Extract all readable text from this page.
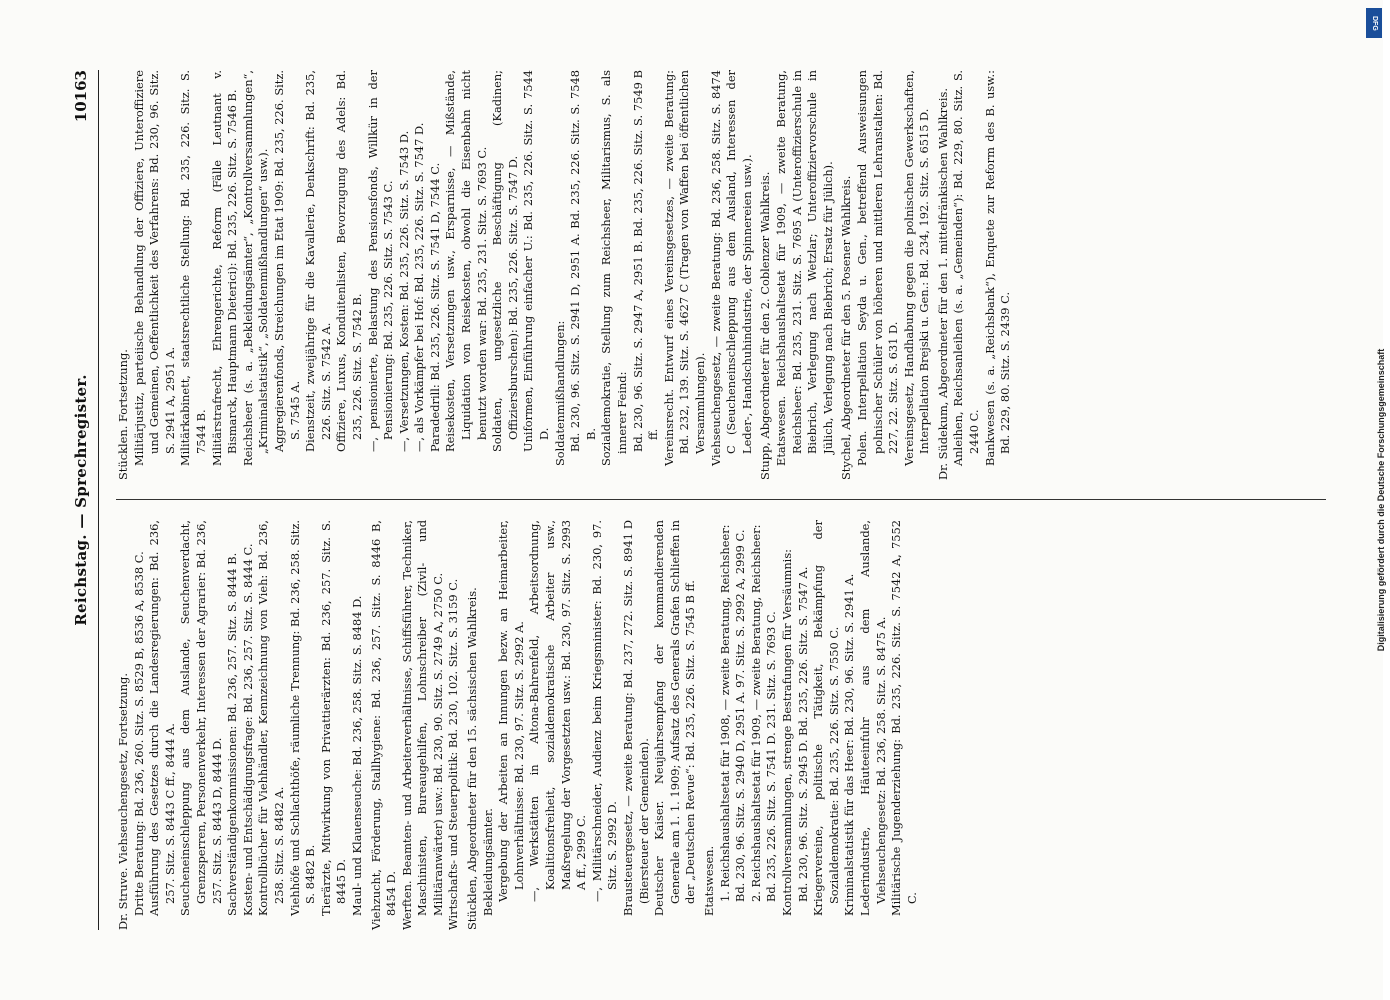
Reichstag. — Sprechregister.
10163

Dr. Struve. Viehseuchengesetz, Fortsetzung. Dritte Beratung: Bd. 236, 260. Sitz. S. 8529 B, 8536 A, 8538 C. Ausführung des Gesetzes durch die Landesregierungen: Bd. 236, 257. Sitz. S. 8443 C ff., 8444 A. Seucheneinschleppung aus dem Auslande, Seuchenverdacht, Grenzsperren, Personenverkehr, Interessen der Agrarier: Bd. 236, 257. Sitz. S. 8443 D, 8444 D. Sachverständigenkommissionen: Bd. 236, 257. Sitz. S. 8444 B. Kosten- und Entschädigungsfrage: Bd. 236, 257. Sitz. S. 8444 C. Kontrollbücher für Viehhändler, Kennzeichnung von Vieh: Bd. 236, 258. Sitz. S. 8482 A. Viehhöfe und Schlachthöfe, räumliche Trennung: Bd. 236, 258. Sitz. S. 8482 B. Tierärzte, Mitwirkung von Privattierärzten: Bd. 236, 257. Sitz. S. 8445 D. Maul- und Klauenseuche: Bd. 236, 258. Sitz. S. 8484 D. Viehzucht, Förderung, Stallhygiene: Bd. 236, 257. Sitz. S. 8446 B, 8454 D. Werften. Beamten- und Arbeiterverhältnisse, Schiffsführer, Techniker, Maschinisten, Bureaugehilfen, Lohnschreiber (Zivil- und Militäranwärter) usw.: Bd. 230, 90. Sitz. S. 2749 A, 2750 C. Wirtschafts- und Steuerpolitik: Bd. 230, 102. Sitz. S. 3159 C. Stücklen, Abgeordneter für den 15. sächsischen Wahlkreis. Bekleidungsämter. Vergebung der Arbeiten an Innungen bezw. an Heimarbeiter, Lohnverhältnisse: Bd. 230, 97. Sitz. S. 2992 A. —, Werkstätten in Altona-Bahrenfeld, Arbeitsordnung, Koalitionsfreiheit, sozialdemokratische Arbeiter usw., Maßregelung der Vorgesetzten usw.: Bd. 230, 97. Sitz. S. 2993 A ff., 2999 C. —, Militärschneider, Audienz beim Kriegsminister: Bd. 230, 97. Sitz. S. 2992 D. Brausteuergesetz, — zweite Beratung: Bd. 237, 272. Sitz. S. 8941 D (Biersteuer der Gemeinden). Deutscher Kaiser. Neujahrsempfang der kommandierenden Generale am 1. 1. 1909; Aufsatz des Generals Grafen Schlieffen in der „Deutschen Revue“: Bd. 235, 226. Sitz. S. 7545 B ff. Etatswesen. 1. Reichshaushaltsetat für 1908, — zweite Beratung, Reichsheer: Bd. 230, 96. Sitz. S. 2940 D, 2951 A. 97. Sitz. S. 2992 A, 2999 C. 2. Reichshaushaltsetat für 1909, — zweite Beratung, Reichsheer: Bd. 235, 226. Sitz. S. 7541 D. 231. Sitz. S. 7693 C. Kontrollversammlungen, strenge Bestrafungen für Versäumnis: Bd. 230, 96. Sitz. S. 2945 D. Bd. 235, 226. Sitz. S. 7547 A. Kriegervereine, politische Tätigkeit, Bekämpfung der Sozialdemokratie: Bd. 235, 226. Sitz. S. 7550 C. Kriminalstatistik für das Heer: Bd. 230, 96. Sitz. S. 2941 A. Lederindustrie, Häuteeinfuhr aus dem Auslande, Viehseuchengesetz: Bd. 236, 258. Sitz. S. 8475 A. Militärische Jugenderziehung: Bd. 235, 226. Sitz. S. 7542 A, 7552 C.

Stücklen. Fortsetzung. Militärjustiz, parteiische Behandlung der Offiziere, Unteroffiziere und Gemeinen, Oeffentlichkeit des Verfahrens: Bd. 230, 96. Sitz. S. 2941 A, 2951 A. Militärkabinett, staatsrechtliche Stellung: Bd. 235, 226. Sitz. S. 7544 B. Militärstrafrecht, Ehrengerichte, Reform (Fälle Leutnant v. Bismarck, Hauptmann Dieterici): Bd. 235, 226. Sitz. S. 7546 B. Reichsheer (s. a. „Bekleidungsämter“, „Kontrollversammlungen“, „Kriminalstatistik“, „Soldatenmißhandlungen“ usw.). Aggregierenfonds, Streichungen im Etat 1909: Bd. 235, 226. Sitz. S. 7545 A. Dienstzeit, zweijährige für die Kavallerie, Denkschrift: Bd. 235, 226. Sitz. S. 7542 A. Offiziere, Luxus, Konduitenlisten, Bevorzugung des Adels: Bd. 235, 226. Sitz. S. 7542 B. —, pensionierte, Belastung des Pensionsfonds, Willkür in der Pensionierung: Bd. 235, 226. Sitz. S. 7543 C. —, Versetzungen, Kosten: Bd. 235, 226. Sitz. S. 7543 D. —, als Vorkämpfer bei Hof: Bd. 235, 226. Sitz. S. 7547 D. Paradedrill: Bd. 235, 226. Sitz. S. 7541 D, 7544 C. Reisekosten, Versetzungen usw., Ersparnisse, — Mißstände, Liquidation von Reisekosten, obwohl die Eisenbahn nicht benutzt worden war: Bd. 235, 231. Sitz. S. 7693 C. Soldaten, ungesetzliche Beschäftigung (Kadinen; Offiziersburschen): Bd. 235, 226. Sitz. S. 7547 D. Uniformen, Einführung einfacher U.: Bd. 235, 226. Sitz. S. 7544 D. Soldatenmißhandlungen: Bd. 230, 96. Sitz. S. 2941 D, 2951 A. Bd. 235, 226. Sitz. S. 7548 B. Sozialdemokratie, Stellung zum Reichsheer, Militarismus, S. als innerer Feind: Bd. 230, 96. Sitz. S. 2947 A, 2951 B. Bd. 235, 226. Sitz. S. 7549 B ff. Vereinsrecht. Entwurf eines Vereinsgesetzes, — zweite Beratung: Bd. 232, 139. Sitz. S. 4627 C (Tragen von Waffen bei öffentlichen Versammlungen). Viehseuchengesetz, — zweite Beratung: Bd. 236, 258. Sitz. S. 8474 C (Seucheneinschleppung aus dem Ausland, Interessen der Leder-, Handschuhindustrie, der Spinnereien usw.). Stupp, Abgeordneter für den 2. Coblenzer Wahlkreis. Etatswesen. Reichshaushaltsetat für 1909, — zweite Beratung, Reichsheer: Bd. 235, 231. Sitz. S. 7695 A (Unteroffizierschule in Biebrich, Verlegung nach Wetzlar; Unteroffiziervorschule in Jülich, Verlegung nach Biebrich; Ersatz für Jülich). Stychel, Abgeordneter für den 5. Posener Wahlkreis. Polen. Interpellation Seyda u. Gen., betreffend Ausweisungen polnischer Schüler von höheren und mittleren Lehranstalten: Bd. 227, 22. Sitz. S. 631 D. Vereinsgesetz, Handhabung gegen die polnischen Gewerkschaften, Interpellation Brejski u. Gen.: Bd. 234, 192. Sitz. S. 6515 D. Dr. Südekum, Abgeordneter für den 1. mittelfränkischen Wahlkreis. Anleihen, Reichsanleihen (s. a. „Gemeinden“): Bd. 229, 80. Sitz. S. 2440 C. Bankwesen (s. a. „Reichsbank“), Enquete zur Reform des B. usw.: Bd. 229, 80. Sitz. S. 2439 C.	Digitalisierung gefördert durch die Deutsche Forschungsgemeinschaft
DFG
